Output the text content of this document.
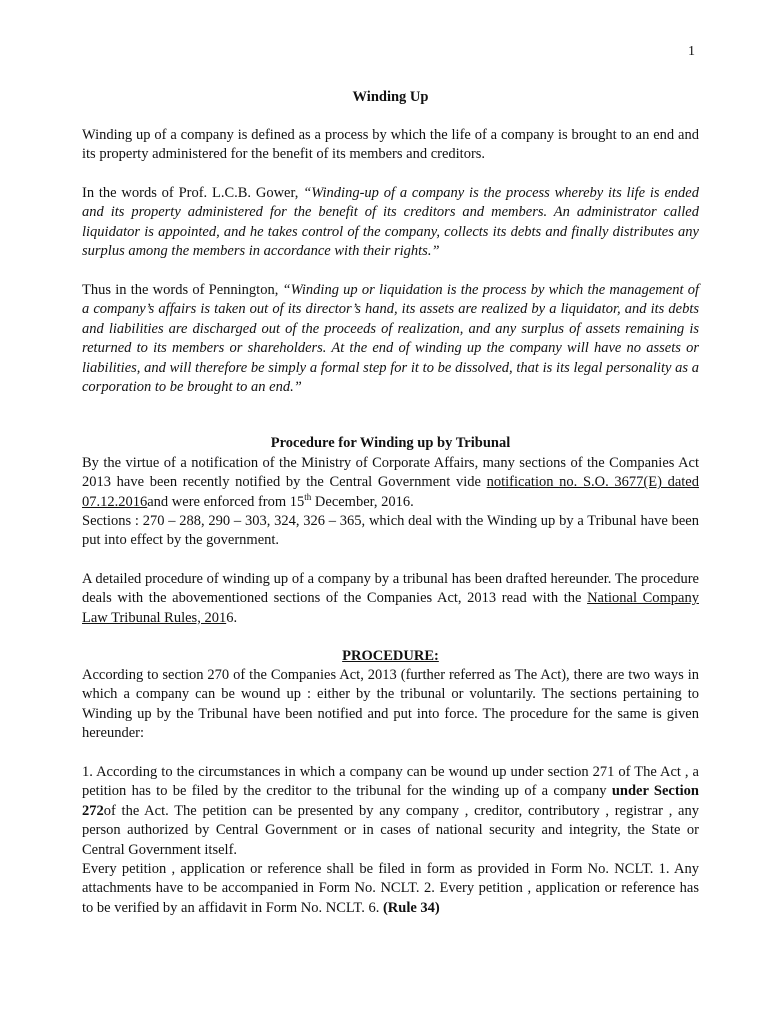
1
Winding Up

Winding up of a company is defined as a process by which the life of a company is brought to an end and its property administered for the benefit of its members and creditors.

In the words of Prof. L.C.B. Gower, “Winding-up of a company is the process whereby its life is ended and its property administered for the benefit of its creditors and members. An administrator called liquidator is appointed, and he takes control of the company, collects its debts and finally distributes any surplus among the members in accordance with their rights.”

Thus in the words of Pennington, “Winding up or liquidation is the process by which the management of a company’s affairs is taken out of its director’s hand, its assets are realized by a liquidator, and its debts and liabilities are discharged out of the proceeds of realization, and any surplus of assets remaining is returned to its members or shareholders. At the end of winding up the company will have no assets or liabilities, and will therefore be simply a formal step for it to be dissolved, that is its legal personality as a corporation to be brought to an end.”

Procedure for Winding up by Tribunal

By the virtue of a notification of the Ministry of Corporate Affairs, many sections of the Companies Act 2013 have been recently notified by the Central Government vide notification no. S.O. 3677(E) dated 07.12.2016and were enforced from 15th December, 2016.

Sections : 270 – 288, 290 – 303, 324, 326 – 365, which deal with the Winding up by a Tribunal have been put into effect by the government.

A detailed procedure of winding up of a company by a tribunal has been drafted hereunder. The procedure deals with the abovementioned sections of the Companies Act, 2013 read with the National Company Law Tribunal Rules, 2016.

PROCEDURE:

According to section 270 of the Companies Act, 2013 (further referred as The Act), there are two ways in which a company can be wound up : either by the tribunal or voluntarily. The sections pertaining to Winding up by the Tribunal have been notified and put into force. The procedure for the same is given hereunder:

1. According to the circumstances in which a company can be wound up under section 271 of The Act , a petition has to be filed by the creditor to the tribunal for the winding up of a company under Section 272of the Act. The petition can be presented by any company , creditor, contributory , registrar , any person authorized by Central Government or in cases of national security and integrity, the State or Central Government itself.

Every petition , application or reference shall be filed in form as provided in Form No. NCLT. 1. Any attachments have to be accompanied in Form No. NCLT. 2. Every petition , application or reference has to be verified by an affidavit in Form No. NCLT. 6. (Rule 34)
